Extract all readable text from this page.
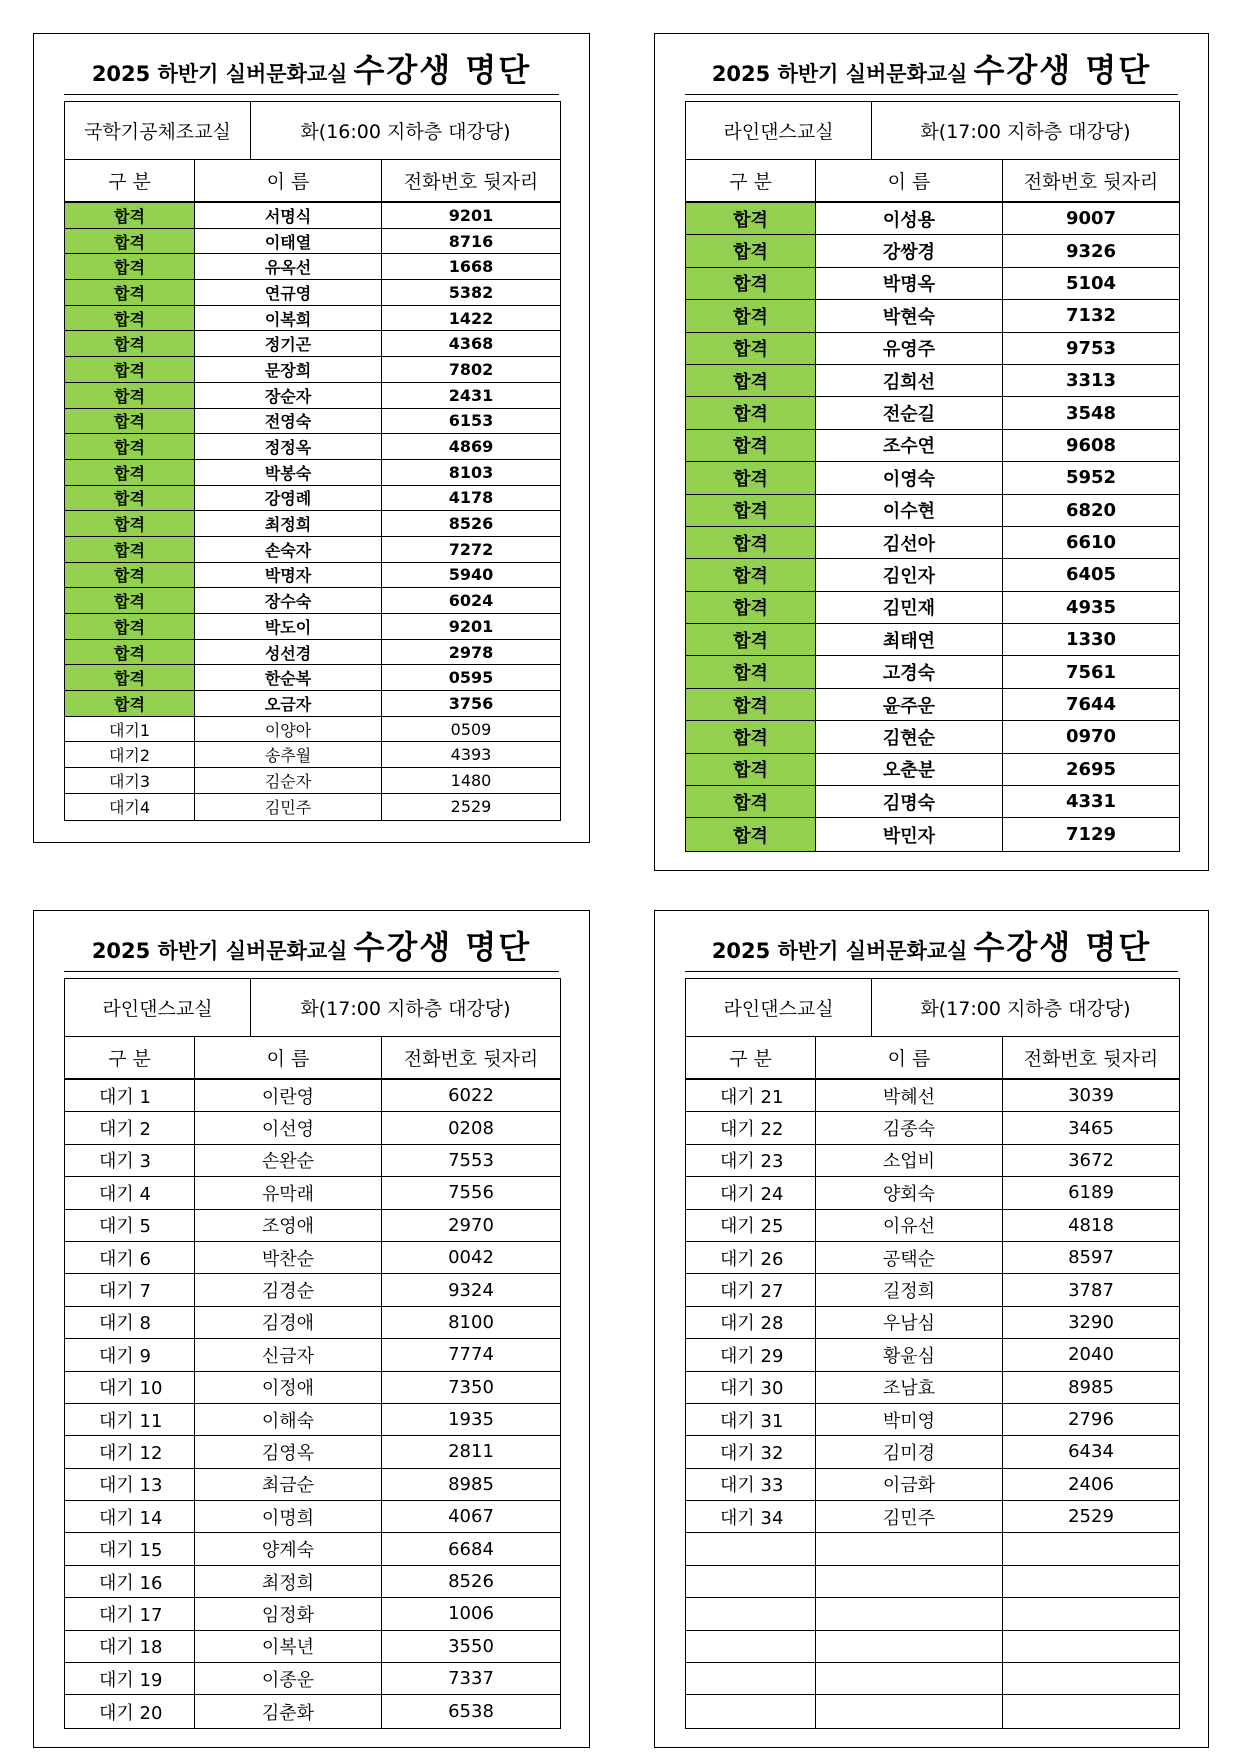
2025 하반기 실버문화교실 수강생 명단
국학기공체조교실	화(16:00 지하층 대강당)
구 분	이 름	전화번호 뒷자리
합격	서명식	9201
합격	이태열	8716
합격	유옥선	1668
합격	연규영	5382
합격	이복희	1422
합격	정기곤	4368
합격	문장희	7802
합격	장순자	2431
합격	전영숙	6153
합격	정정옥	4869
합격	박봉숙	8103
합격	강영례	4178
합격	최정희	8526
합격	손숙자	7272
합격	박명자	5940
합격	장수숙	6024
합격	박도이	9201
합격	성선경	2978
합격	한순복	0595
합격	오금자	3756
대기1	이양아	0509
대기2	송추월	4393
대기3	김순자	1480
대기4	김민주	2529
2025 하반기 실버문화교실 수강생 명단
라인댄스교실	화(17:00 지하층 대강당)
구 분	이 름	전화번호 뒷자리
합격	이성용	9007
합격	강쌍경	9326
합격	박명옥	5104
합격	박현숙	7132
합격	유영주	9753
합격	김희선	3313
합격	전순길	3548
합격	조수연	9608
합격	이영숙	5952
합격	이수현	6820
합격	김선아	6610
합격	김인자	6405
합격	김민재	4935
합격	최태연	1330
합격	고경숙	7561
합격	윤주운	7644
합격	김현순	0970
합격	오춘분	2695
합격	김명숙	4331
합격	박민자	7129
2025 하반기 실버문화교실 수강생 명단
라인댄스교실	화(17:00 지하층 대강당)
구 분	이 름	전화번호 뒷자리
대기 1	이란영	6022
대기 2	이선영	0208
대기 3	손완순	7553
대기 4	유막래	7556
대기 5	조영애	2970
대기 6	박찬순	0042
대기 7	김경순	9324
대기 8	김경애	8100
대기 9	신금자	7774
대기 10	이정애	7350
대기 11	이해숙	1935
대기 12	김영옥	2811
대기 13	최금순	8985
대기 14	이명희	4067
대기 15	양계숙	6684
대기 16	최정희	8526
대기 17	임정화	1006
대기 18	이복년	3550
대기 19	이종운	7337
대기 20	김춘화	6538
2025 하반기 실버문화교실 수강생 명단
라인댄스교실	화(17:00 지하층 대강당)
구 분	이 름	전화번호 뒷자리
대기 21	박혜선	3039
대기 22	김종숙	3465
대기 23	소업비	3672
대기 24	양회숙	6189
대기 25	이유선	4818
대기 26	공택순	8597
대기 27	길정희	3787
대기 28	우남심	3290
대기 29	황윤심	2040
대기 30	조남효	8985
대기 31	박미영	2796
대기 32	김미경	6434
대기 33	이금화	2406
대기 34	김민주	2529
